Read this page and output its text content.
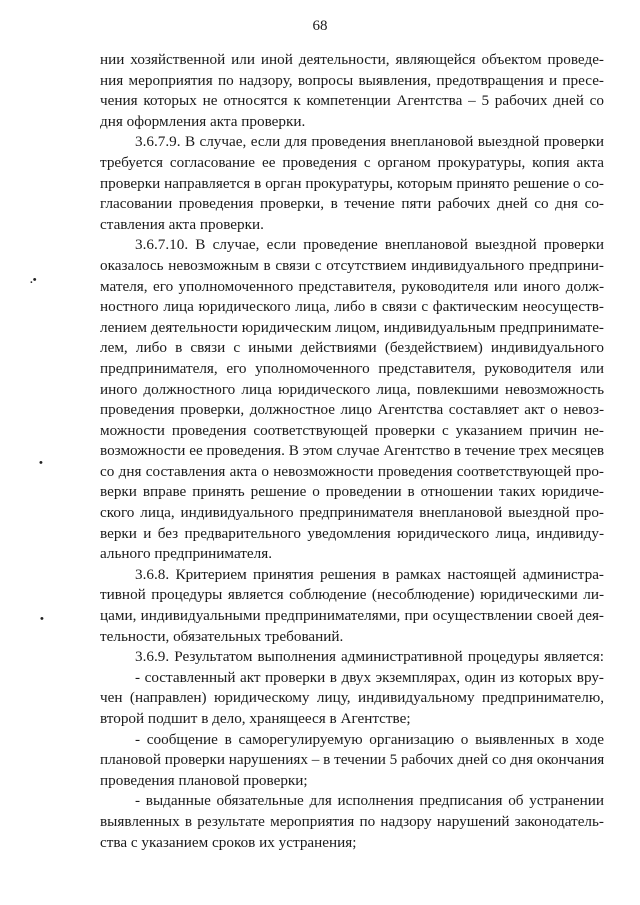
68
.•
•
•
нии хозяйственной или иной деятельности, являющейся объектом проведе-
ния мероприятия по надзору, вопросы выявления, предотвращения и пресе-
чения которых не относятся к компетенции Агентства – 5 рабочих дней со
дня оформления акта проверки.
3.6.7.9. В случае, если для проведения внеплановой выездной проверки
требуется согласование ее проведения с органом прокуратуры, копия акта
проверки направляется в орган прокуратуры, которым принято решение о со-
гласовании проведения проверки, в течение пяти рабочих дней со дня со-
ставления акта проверки.
3.6.7.10. В случае, если проведение внеплановой выездной проверки
оказалось невозможным в связи с отсутствием индивидуального предприни-
мателя, его уполномоченного представителя, руководителя или иного долж-
ностного лица юридического лица, либо в связи с фактическим неосуществ-
лением деятельности юридическим лицом, индивидуальным предпринимате-
лем, либо в связи с иными действиями (бездействием) индивидуального
предпринимателя, его уполномоченного представителя, руководителя или
иного должностного лица юридического лица, повлекшими невозможность
проведения проверки, должностное лицо Агентства составляет акт о невоз-
можности проведения соответствующей проверки с указанием причин не-
возможности ее проведения. В этом случае Агентство в течение трех месяцев
со дня составления акта о невозможности проведения соответствующей про-
верки вправе принять решение о проведении в отношении таких юридиче-
ского лица, индивидуального предпринимателя внеплановой выездной про-
верки и без предварительного уведомления юридического лица, индивиду-
ального предпринимателя.
3.6.8. Критерием принятия решения в рамках настоящей администра-
тивной процедуры является соблюдение (несоблюдение) юридическими ли-
цами, индивидуальными предпринимателями, при осуществлении своей дея-
тельности, обязательных требований.
3.6.9. Результатом выполнения административной процедуры является:
- составленный акт проверки в двух экземплярах, один из которых вру-
чен (направлен) юридическому лицу, индивидуальному предпринимателю,
второй подшит в дело, хранящееся в Агентстве;
- сообщение в саморегулируемую организацию о выявленных в ходе
плановой проверки нарушениях – в течении 5 рабочих дней со дня окончания
проведения плановой проверки;
- выданные обязательные для исполнения предписания об устранении
выявленных в результате мероприятия по надзору нарушений законодатель-
ства с указанием сроков их устранения;
